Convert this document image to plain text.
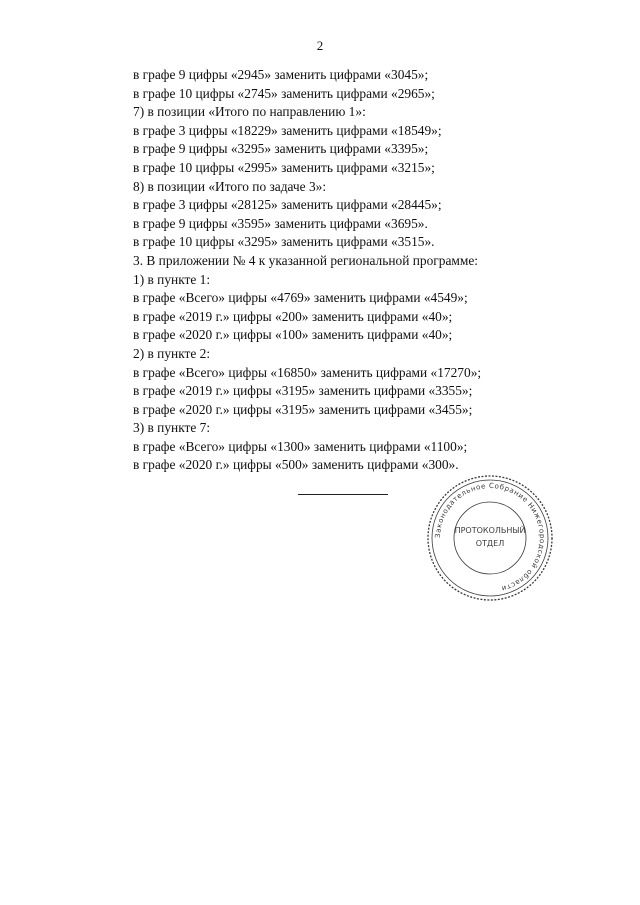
2
в графе 9 цифры «2945» заменить цифрами «3045»;
в графе 10 цифры «2745» заменить цифрами «2965»;
7) в позиции «Итого по направлению 1»:
в графе 3 цифры «18229» заменить цифрами «18549»;
в графе 9 цифры «3295» заменить цифрами «3395»;
в графе 10 цифры «2995» заменить цифрами «3215»;
8) в позиции «Итого по задаче 3»:
в графе 3 цифры «28125» заменить цифрами «28445»;
в графе 9 цифры «3595» заменить цифрами «3695».
в графе 10 цифры «3295» заменить цифрами «3515».
3. В приложении № 4 к указанной региональной программе:
1) в пункте 1:
в графе «Всего» цифры «4769» заменить цифрами «4549»;
в графе «2019 г.» цифры «200» заменить цифрами «40»;
в графе «2020 г.» цифры «100» заменить цифрами «40»;
2) в пункте 2:
в графе «Всего» цифры «16850» заменить цифрами «17270»;
в графе «2019 г.» цифры «3195» заменить цифрами «3355»;
в графе «2020 г.» цифры «3195» заменить цифрами «3455»;
3) в пункте 7:
в графе «Всего» цифры «1300» заменить цифрами «1100»;
в графе «2020 г.» цифры «500» заменить цифрами «300».
Законодательное Собрание Нижегородской области
ПРОТОКОЛЬНЫЙ
ОТДЕЛ
